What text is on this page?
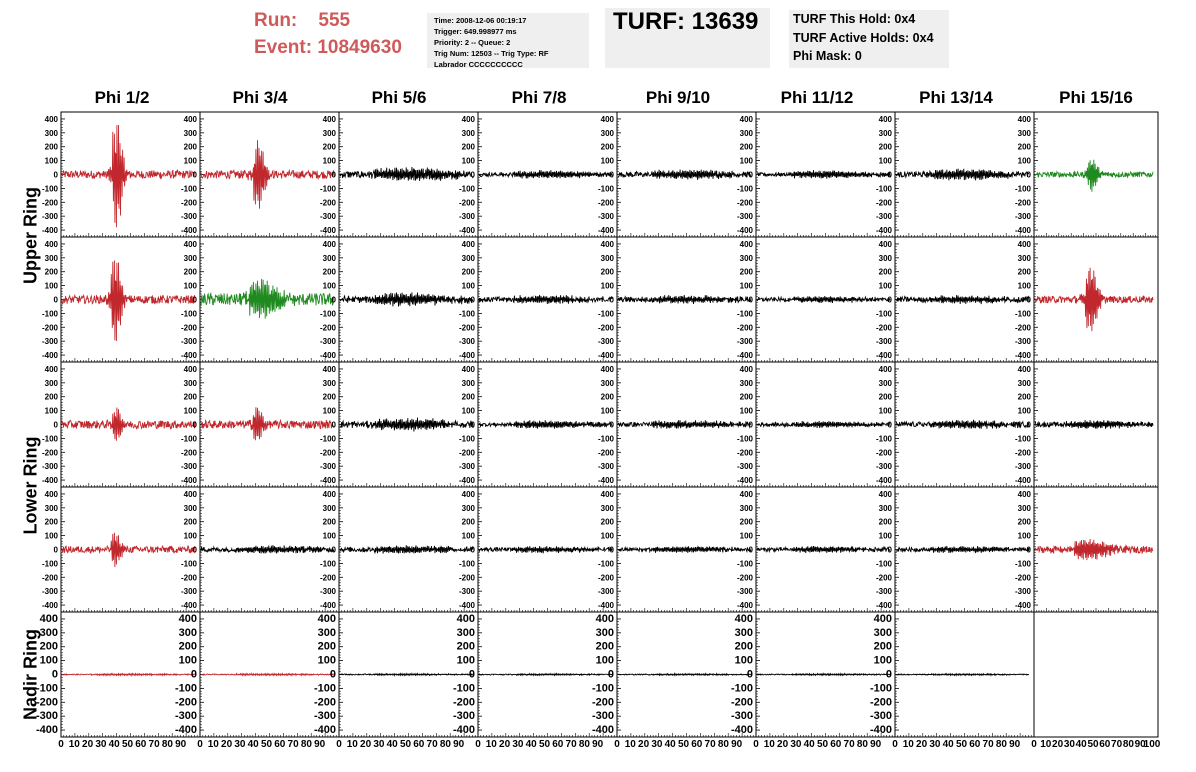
Run:    555
Event: 10849630
Time: 2008-12-06 00:19:17
Trigger: 649.998977 ms
Priority: 2 -- Queue: 2
Trig Num: 12503 -- Trig Type: RF
Labrador CCCCCCCCCC
TURF: 13639	TURF This Hold: 0x4
TURF Active Holds: 0x4
Phi Mask: 0
Phi 1/2	Phi 3/4	Phi 5/6	Phi 7/8	Phi 9/10	Phi 11/12	Phi 13/14	Phi 15/16
Upper Ring
Lower Ring
Nadir Ring
400
300
200
100
0
-100
-200
-300
-400
400
300
200
100
0
-100
-200
-300
-400
400
300
200
100
0
-100
-200
-300
-400
400
300
200
100
0
-100
-200
-300
-400
400
300
200
100
0
-100
-200
-300
-400
400
300
200
100
0
-100
-200
-300
-400
400
300
200
100
0
-100
-200
-300
-400
400
300
200
100
0
-100
-200
-300
-400
400
300
200
100
0
-100
-200
-300
-400
400
300
200
100
0
-100
-200
-300
-400
400
300
200
100
0
-100
-200
-300
-400
400
300
200
100
0
-100
-200
-300
-400
400
300
200
100
0
-100
-200
-300
-400
400
300
200
100
0
-100
-200
-300
-400
400
300
200
100
0
-100
-200
-300
-400
400
300
200
100
0
-100
-200
-300
-400
400
300
200
100
0
-100
-200
-300
-400
400
300
200
100
0
-100
-200
-300
-400
400
300
200
100
0
-100
-200
-300
-400
400
300
200
100
0
-100
-200
-300
-400
400
300
200
100
0
-100
-200
-300
-400
400
300
200
100
0
-100
-200
-300
-400
400
300
200
100
0
-100
-200
-300
-400
400
300
200
100
0
-100
-200
-300
-400
400
300
200
100
0
-100
-200
-300
-400
400
300
200
100
0
-100
-200
-300
-400
400
300
200
100
0
-100
-200
-300
-400
400
300
200
100
0
-100
-200
-300
-400
400
300
200
100
0
-100
-200
-300
-400
400
300
200
100
0
-100
-200
-300
-400
400
300
200
100
0
-100
-200
-300
-400
400
300
200
100
0
-100
-200
-300
-400
400
300
200
100
0
-100
-200
-300
-400
400
300
200
100
0
-100
-200
-300
-400
400
300
200
100
0
-100
-200
-300
-400
400
300
200
100
0
-100
-200
-300
-400
400
300
200
100
0
-100
-200
-300
-400
400
300
200
100
0
-100
-200
-300
-400
400
300
200
100
0
-100
-200
-300
-400
0 10 20 30 40 50 60 70 80 90 0 10 20 30 40 50 60 70 80 90 0 10 20 30 40 50 60 70 80 90 0 10 20 30 40 50 60 70 80 90 0 10 20 30 40 50 60 70 80 90 0 10 20 30 40 50 60 70 80 90 0 10 20 30 40 50 60 70 80 90 0 10 20 30 40 50 60 70 80 90
100
